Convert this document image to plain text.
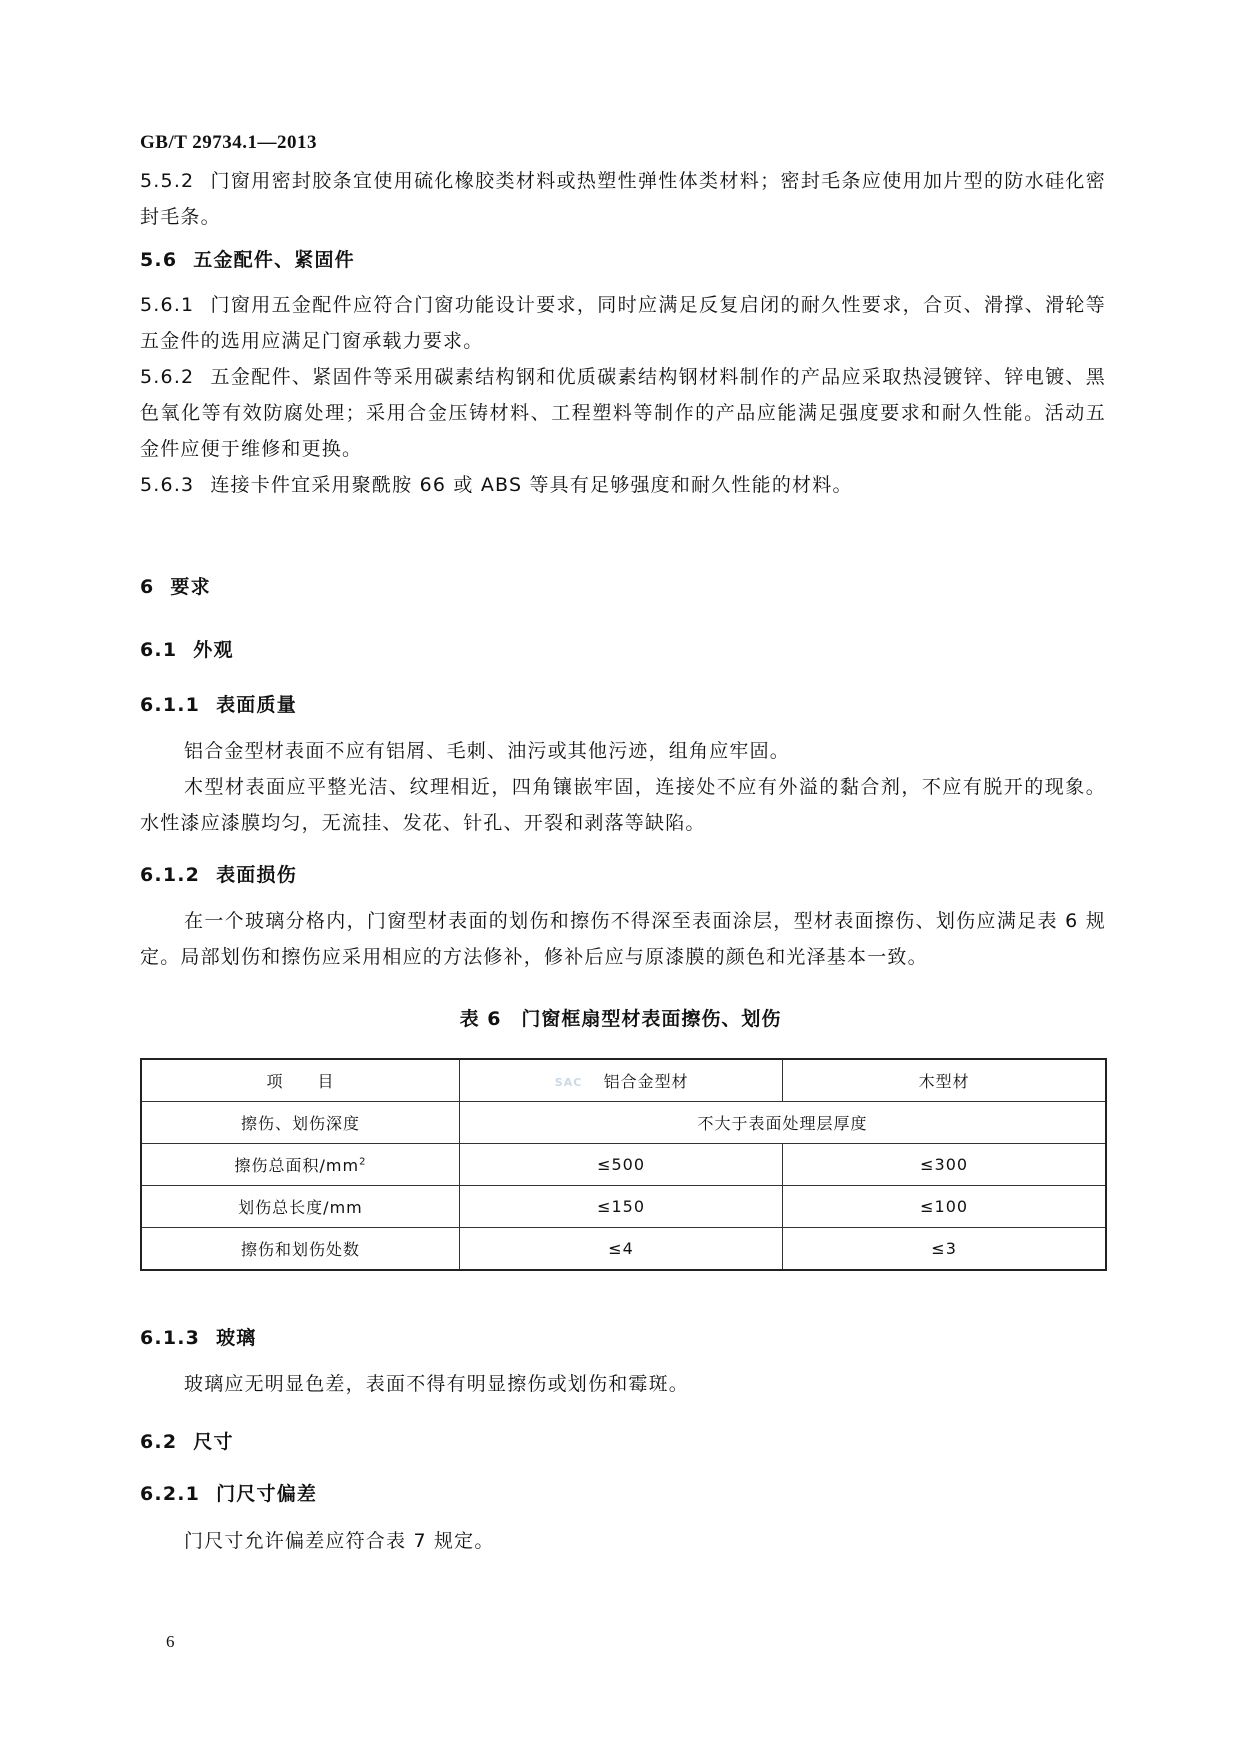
GB/T 29734.1—2013
5.5.2 门窗用密封胶条宜使用硫化橡胶类材料或热塑性弹性体类材料；密封毛条应使用加片型的防水硅化密封毛条。
5.6 五金配件、紧固件
5.6.1 门窗用五金配件应符合门窗功能设计要求，同时应满足反复启闭的耐久性要求，合页、滑撑、滑轮等五金件的选用应满足门窗承载力要求。
5.6.2 五金配件、紧固件等采用碳素结构钢和优质碳素结构钢材料制作的产品应采取热浸镀锌、锌电镀、黑色氧化等有效防腐处理；采用合金压铸材料、工程塑料等制作的产品应能满足强度要求和耐久性能。活动五金件应便于维修和更换。
5.6.3 连接卡件宜采用聚酰胺 66 或 ABS 等具有足够强度和耐久性能的材料。
6 要求
6.1 外观
6.1.1 表面质量
铝合金型材表面不应有铝屑、毛刺、油污或其他污迹，组角应牢固。
木型材表面应平整光洁、纹理相近，四角镶嵌牢固，连接处不应有外溢的黏合剂，不应有脱开的现象。水性漆应漆膜均匀，无流挂、发花、针孔、开裂和剥落等缺陷。
6.1.2 表面损伤
在一个玻璃分格内，门窗型材表面的划伤和擦伤不得深至表面涂层，型材表面擦伤、划伤应满足表 6 规定。局部划伤和擦伤应采用相应的方法修补，修补后应与原漆膜的颜色和光泽基本一致。
表 6　门窗框扇型材表面擦伤、划伤
项　　目	SAC 铝合金型材	木型材
擦伤、划伤深度	不大于表面处理层厚度	
擦伤总面积$/mm^2$	≤500	≤300
划伤总长度/mm	≤150	≤100
擦伤和划伤处数	≤4	≤3
6.1.3 玻璃
玻璃应无明显色差，表面不得有明显擦伤或划伤和霉斑。
6.2 尺寸
6.2.1 门尺寸偏差
门尺寸允许偏差应符合表 7 规定。
6
